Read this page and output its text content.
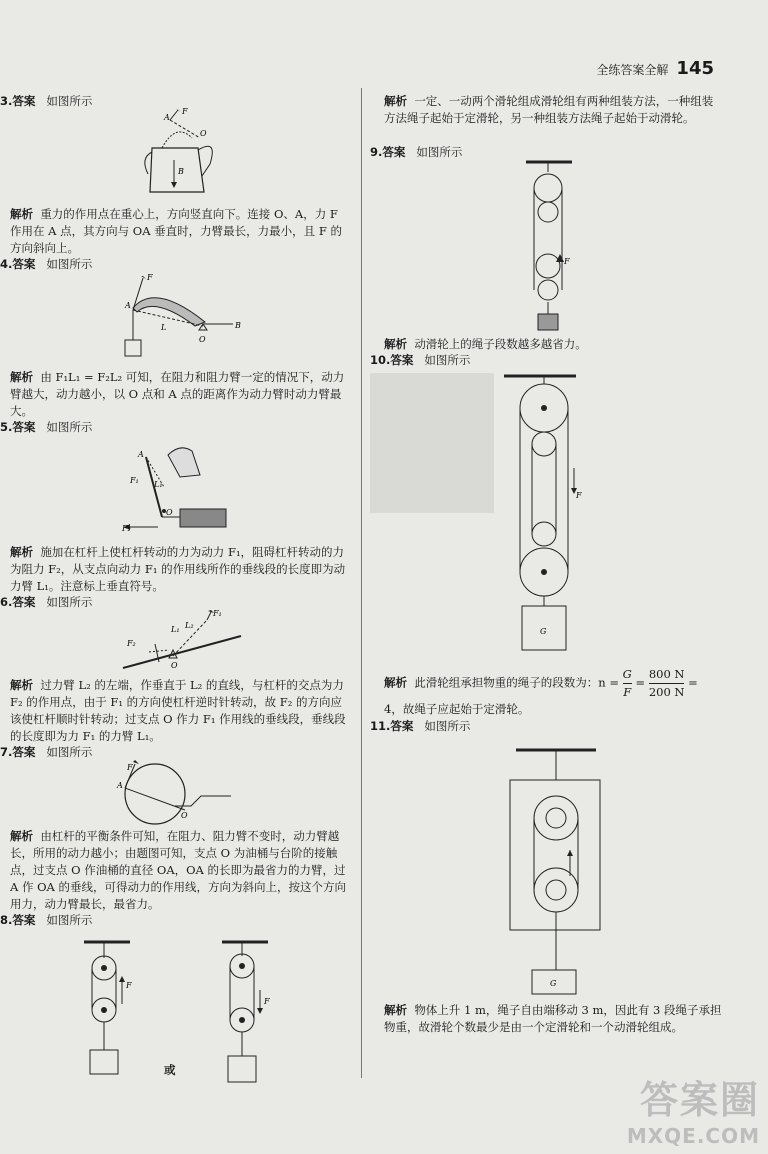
全练答案全解 145
3.答案 如图所示
A
F
O
B
解析 重力的作用点在重心上，方向竖直向下。连接 O、A，力 F 作用在 A 点，其方向与 OA 垂直时，力臂最长，力最小，且 F 的方向斜向上。
4.答案 如图所示
A
F
L
O
B
解析 由 F₁L₁ = F₂L₂ 可知，在阻力和阻力臂一定的情况下，动力臂越大，动力越小，以 O 点和 A 点的距离作为动力臂时动力臂最大。
5.答案 如图所示
A
F₁ L₁
F₂
O
解析 施加在杠杆上使杠杆转动的力为动力 F₁，阻碍杠杆转动的力为阻力 F₂，从支点向动力 F₁ 的作用线所作的垂线段的长度即为动力臂 L₁。注意标上垂直符号。
6.答案 如图所示
F₂
L₁ L₂
F₁
O
解析 过力臂 L₂ 的左端，作垂直于 L₂ 的直线，与杠杆的交点为力 F₂ 的作用点，由于 F₁ 的方向使杠杆逆时针转动，故 F₂ 的方向应该使杠杆顺时针转动；过支点 O 作力 F₁ 作用线的垂线段，垂线段的长度即为力 F₁ 的力臂 L₁。
7.答案 如图所示
A
F
O
解析 由杠杆的平衡条件可知，在阻力、阻力臂不变时，动力臂越长，所用的动力越小；由题图可知，支点 O 为油桶与台阶的接触点，过支点 O 作油桶的直径 OA，OA 的长即为最省力的力臂，过 A 作 OA 的垂线，可得动力的作用线，方向为斜向上，按这个方向用力，动力臂最长，最省力。
8.答案 如图所示
F
或
F
解析 一定、一动两个滑轮组成滑轮组有两种组装方法，一种组装方法绳子起始于定滑轮，另一种组装方法绳子起始于动滑轮。
9.答案 如图所示
F
解析 动滑轮上的绳子段数越多越省力。
10.答案 如图所示
F
G
解析 此滑轮组承担物重的绳子的段数为：$n = \frac{G}{F} = \frac{800 N}{200 N}$ =
4，故绳子应起始于定滑轮。
11.答案 如图所示
G
解析 物体上升 1 m，绳子自由端移动 3 m，因此有 3 段绳子承担物重，故滑轮个数最少是由一个定滑轮和一个动滑轮组成。
答案圈
MXQE.COM
